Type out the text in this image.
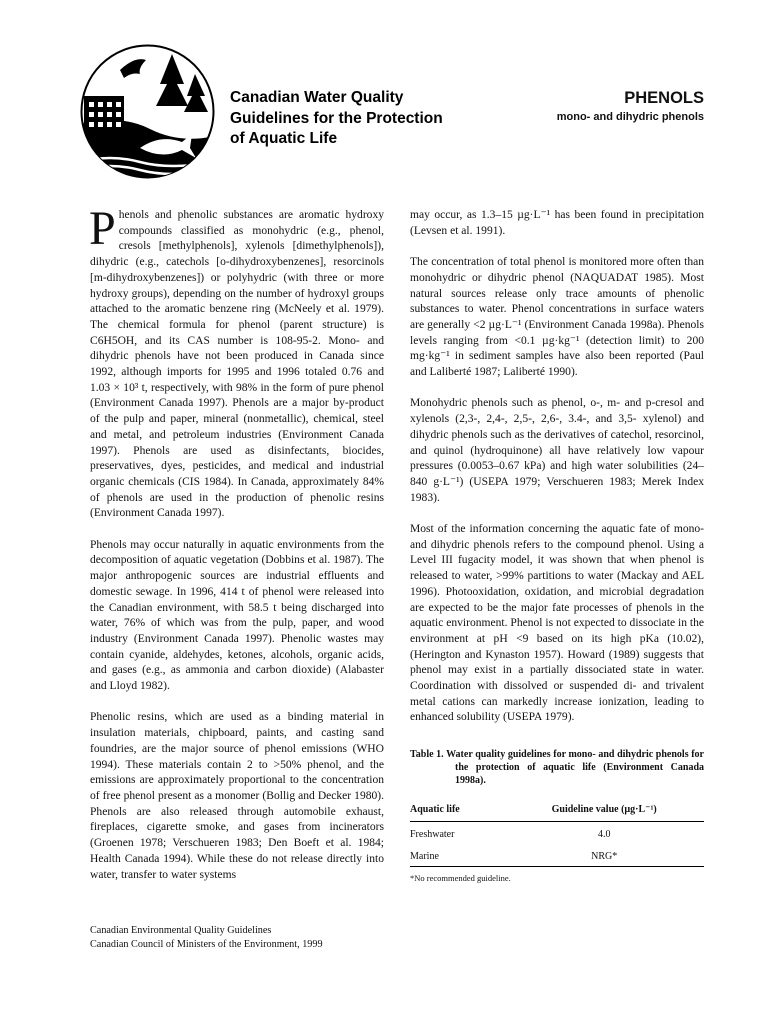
Canadian Water Quality
Guidelines for the Protection
of Aquatic Life
PHENOLS
mono- and dihydric phenols

Phenols and phenolic substances are aromatic hydroxy compounds classified as monohydric (e.g., phenol, cresols [methylphenols], xylenols [dimethylphenols]), dihydric (e.g., catechols [o-dihydroxybenzenes], resorcinols [m-dihydroxybenzenes]) or polyhydric (with three or more hydroxy groups), depending on the number of hydroxyl groups attached to the aromatic benzene ring (McNeely et al. 1979). The chemical formula for phenol (parent structure) is C6H5OH, and its CAS number is 108-95-2. Mono- and dihydric phenols have not been produced in Canada since 1992, although imports for 1995 and 1996 totaled 0.76 and 1.03 × 10³ t, respectively, with 98% in the form of pure phenol (Environment Canada 1997). Phenols are a major by-product of the pulp and paper, mineral (nonmetallic), chemical, steel and metal, and petroleum industries (Environment Canada 1997). Phenols are used as disinfectants, biocides, preservatives, dyes, pesticides, and medical and industrial organic chemicals (CIS 1984). In Canada, approximately 84% of phenols are used in the production of phenolic resins (Environment Canada 1997).

Phenols may occur naturally in aquatic environments from the decomposition of aquatic vegetation (Dobbins et al. 1987). The major anthropogenic sources are industrial effluents and domestic sewage. In 1996, 414 t of phenol were released into the Canadian environment, with 58.5 t being discharged into water, 76% of which was from the pulp, paper, and wood industry (Environment Canada 1997). Phenolic wastes may contain cyanide, aldehydes, ketones, alcohols, organic acids, and gases (e.g., as ammonia and carbon dioxide) (Alabaster and Lloyd 1982).

Phenolic resins, which are used as a binding material in insulation materials, chipboard, paints, and casting sand foundries, are the major source of phenol emissions (WHO 1994). These materials contain 2 to >50% phenol, and the emissions are approximately proportional to the concentration of free phenol present as a monomer (Bollig and Decker 1980). Phenols are also released through automobile exhaust, fireplaces, cigarette smoke, and gases from incinerators (Groenen 1978; Verschueren 1983; Den Boeft et al. 1984; Health Canada 1994). While these do not release directly into water, transfer to water systems

may occur, as 1.3–15 µg·L⁻¹ has been found in precipitation (Levsen et al. 1991).

The concentration of total phenol is monitored more often than monohydric or dihydric phenol (NAQUADAT 1985). Most natural sources release only trace amounts of phenolic substances to water. Phenol concentrations in surface waters are generally <2 µg·L⁻¹ (Environment Canada 1998a). Phenols levels ranging from <0.1 µg·kg⁻¹ (detection limit) to 200 mg·kg⁻¹ in sediment samples have also been reported (Paul and Laliberté 1987; Laliberté 1990).

Monohydric phenols such as phenol, o-, m- and p-cresol and xylenols (2,3-, 2,4-, 2,5-, 2,6-, 3.4-, and 3,5- xylenol) and dihydric phenols such as the derivatives of catechol, resorcinol, and quinol (hydroquinone) all have relatively low vapour pressures (0.0053–0.67 kPa) and high water solubilities (24–840 g·L⁻¹) (USEPA 1979; Verschueren 1983; Merek Index 1983).

Most of the information concerning the aquatic fate of mono- and dihydric phenols refers to the compound phenol. Using a Level III fugacity model, it was shown that when phenol is released to water, >99% partitions to water (Mackay and AEL 1996). Photooxidation, oxidation, and microbial degradation are expected to be the major fate processes of phenols in the aquatic environment. Phenol is not expected to dissociate in the environment at pH <9 based on its high pKa (10.02), (Herington and Kynaston 1957). Howard (1989) suggests that phenol may exist in a partially dissociated state in water. Coordination with dissolved or suspended di- and trivalent metal cations can markedly increase ionization, leading to enhanced solubility (USEPA 1979).

Table 1. Water quality guidelines for mono- and dihydric phenols for the protection of aquatic life (Environment Canada 1998a).

Aquatic life	Guideline value (µg·L⁻¹)
Freshwater	4.0
Marine	NRG*
*No recommended guideline.
Canadian Environmental Quality Guidelines
Canadian Council of Ministers of the Environment, 1999
